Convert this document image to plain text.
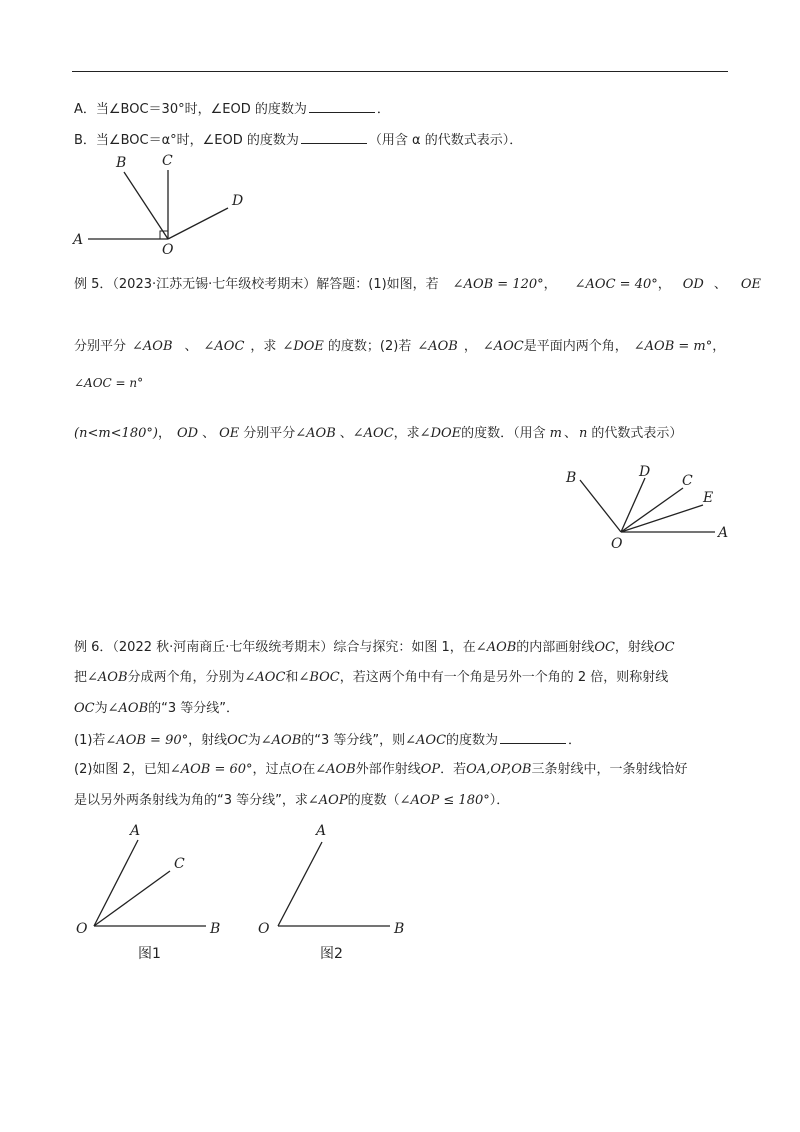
A．当∠BOC＝30°时，∠EOD 的度数为	．
B．当∠BOC＝α°时，∠EOD 的度数为	（用含 α 的代数式表示）．
B	C
D
A
O
例 5．（2023·江苏无锡·七年级校考期末）解答题：(1)如图，若 ∠AOB = 120°， ∠AOC = 40°， OD 、 OE
分别平分 ∠AOB 、 ∠AOC ，求 ∠DOE 的度数；(2)若 ∠AOB ， ∠AOC是平面内两个角， ∠AOB = m°，
∠AOC = n°
(n<m<180°)， OD 、 OE 分别平分∠AOB 、∠AOC，求∠DOE的度数．（用含 m 、 n 的代数式表示）
B	D
C
E
A
O
例 6．（2022 秋·河南商丘·七年级统考期末）综合与探究：如图 1，在∠AOB的内部画射线OC，射线OC
把∠AOB分成两个角，分别为∠AOC和∠BOC，若这两个角中有一个角是另外一个角的 2 倍，则称射线
OC为∠AOB的“3 等分线”．
(1)若∠AOB = 90°，射线OC为∠AOB的“3 等分线”，则∠AOC的度数为	．
(2)如图 2，已知∠AOB = 60°，过点O在∠AOB外部作射线OP．若OA,OP,OB三条射线中，一条射线恰好
是以另外两条射线为角的“3 等分线”，求∠AOP的度数（∠AOP ≤ 180°）．
A
C
O	B
图1
A
O	B
图2
